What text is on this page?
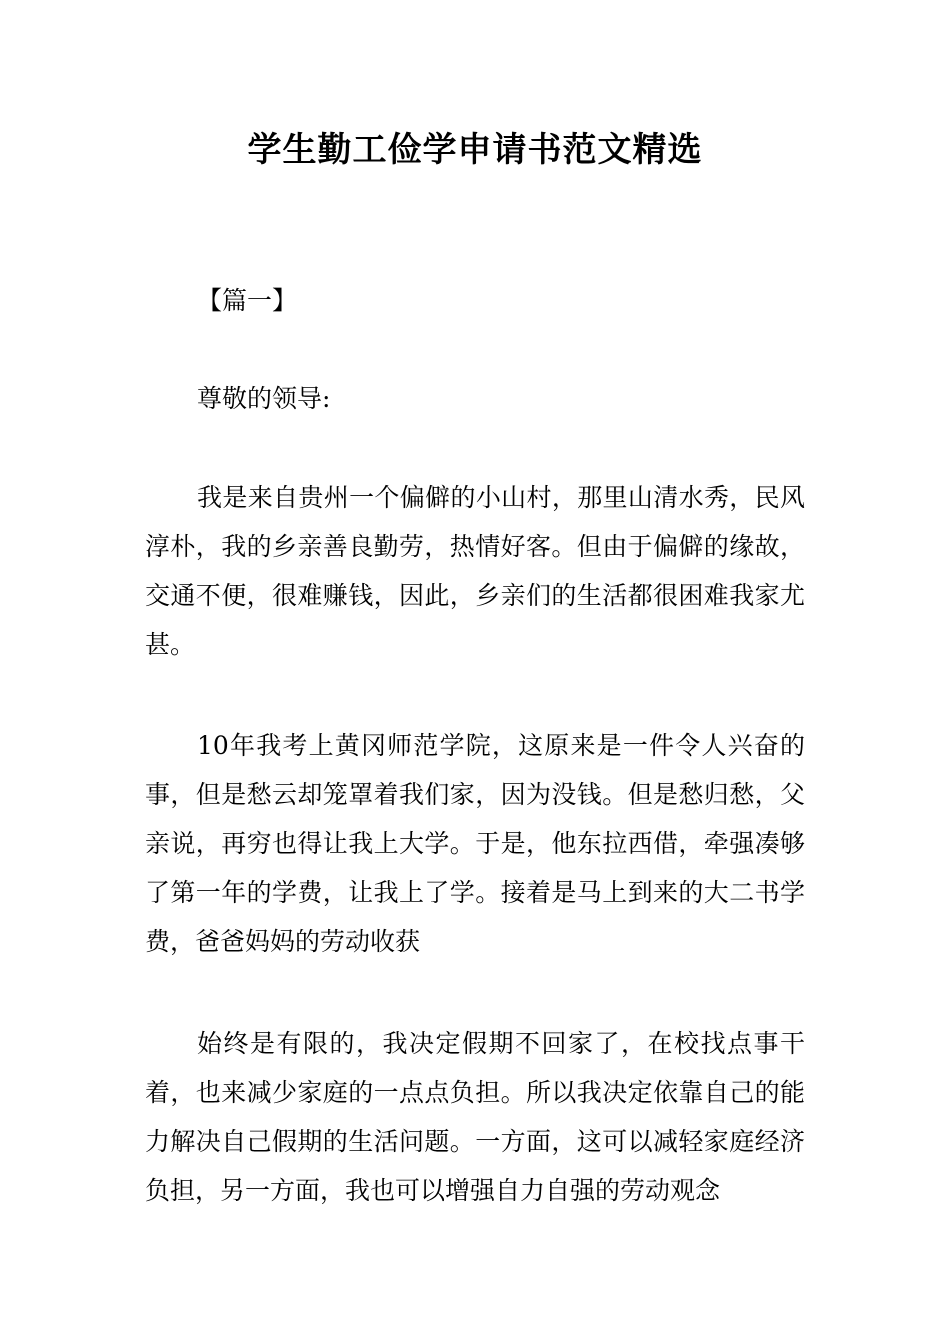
学生勤工俭学申请书范文精选
【篇一】
尊敬的领导:
我是来自贵州一个偏僻的小山村，那里山清水秀，民风淳朴，我的乡亲善良勤劳，热情好客。但由于偏僻的缘故，交通不便，很难赚钱，因此，乡亲们的生活都很困难我家尤甚。
10年我考上黄冈师范学院，这原来是一件令人兴奋的事，但是愁云却笼罩着我们家，因为没钱。但是愁归愁，父亲说，再穷也得让我上大学。于是，他东拉西借，牵强凑够了第一年的学费，让我上了学。接着是马上到来的大二书学费，爸爸妈妈的劳动收获
始终是有限的，我决定假期不回家了，在校找点事干着，也来减少家庭的一点点负担。所以我决定依靠自己的能力解决自己假期的生活问题。一方面，这可以减轻家庭经济负担，另一方面，我也可以增强自力自强的劳动观念
